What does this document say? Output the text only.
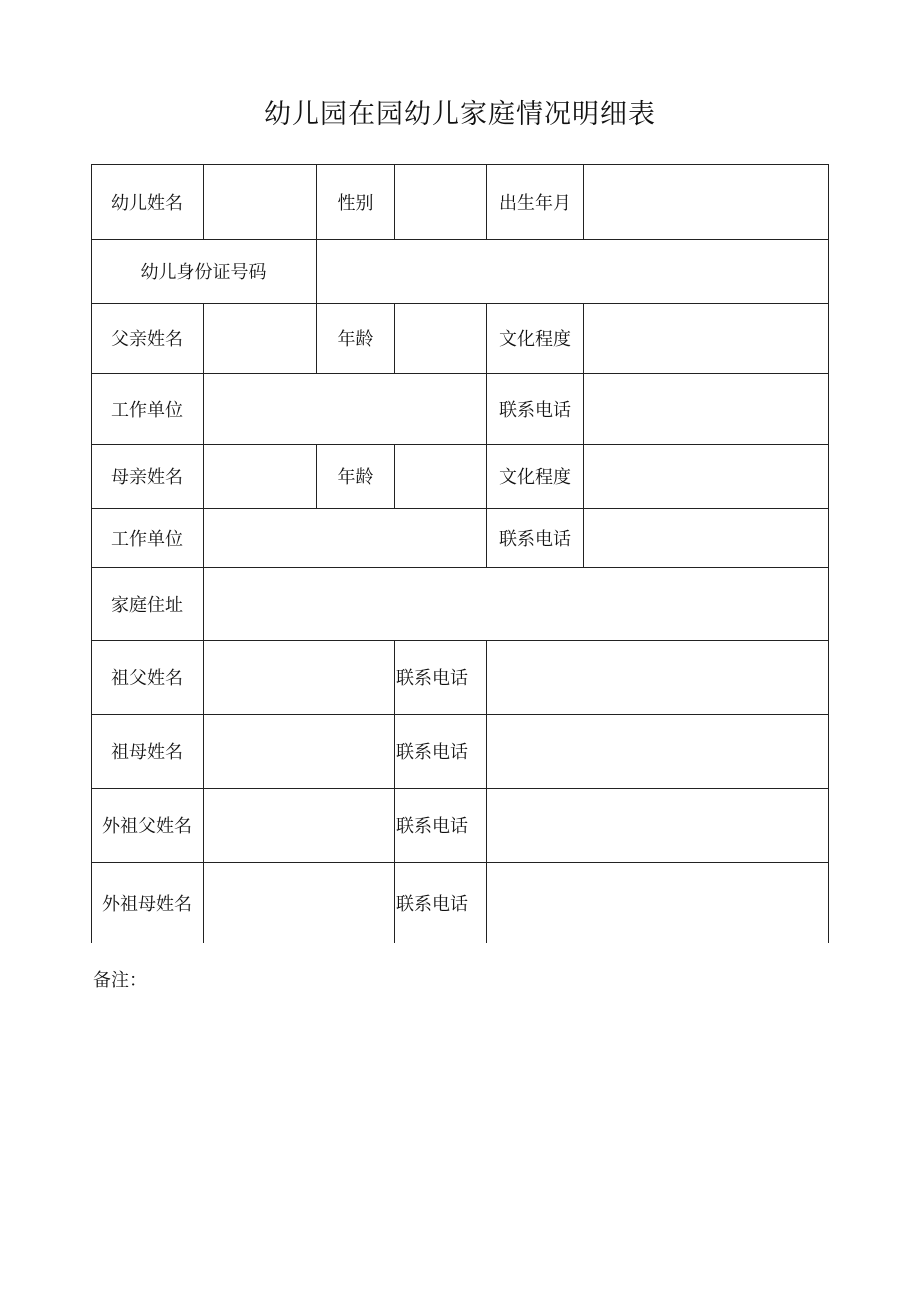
幼儿园在园幼儿家庭情况明细表
幼儿姓名	性别	出生年月
幼儿身份证号码
父亲姓名	年龄	文化程度
工作单位	联系电话
母亲姓名	年龄	文化程度
工作单位	联系电话
家庭住址
祖父姓名	联系电话
祖母姓名	联系电话
外祖父姓名	联系电话
外祖母姓名	联系电话
备注：
